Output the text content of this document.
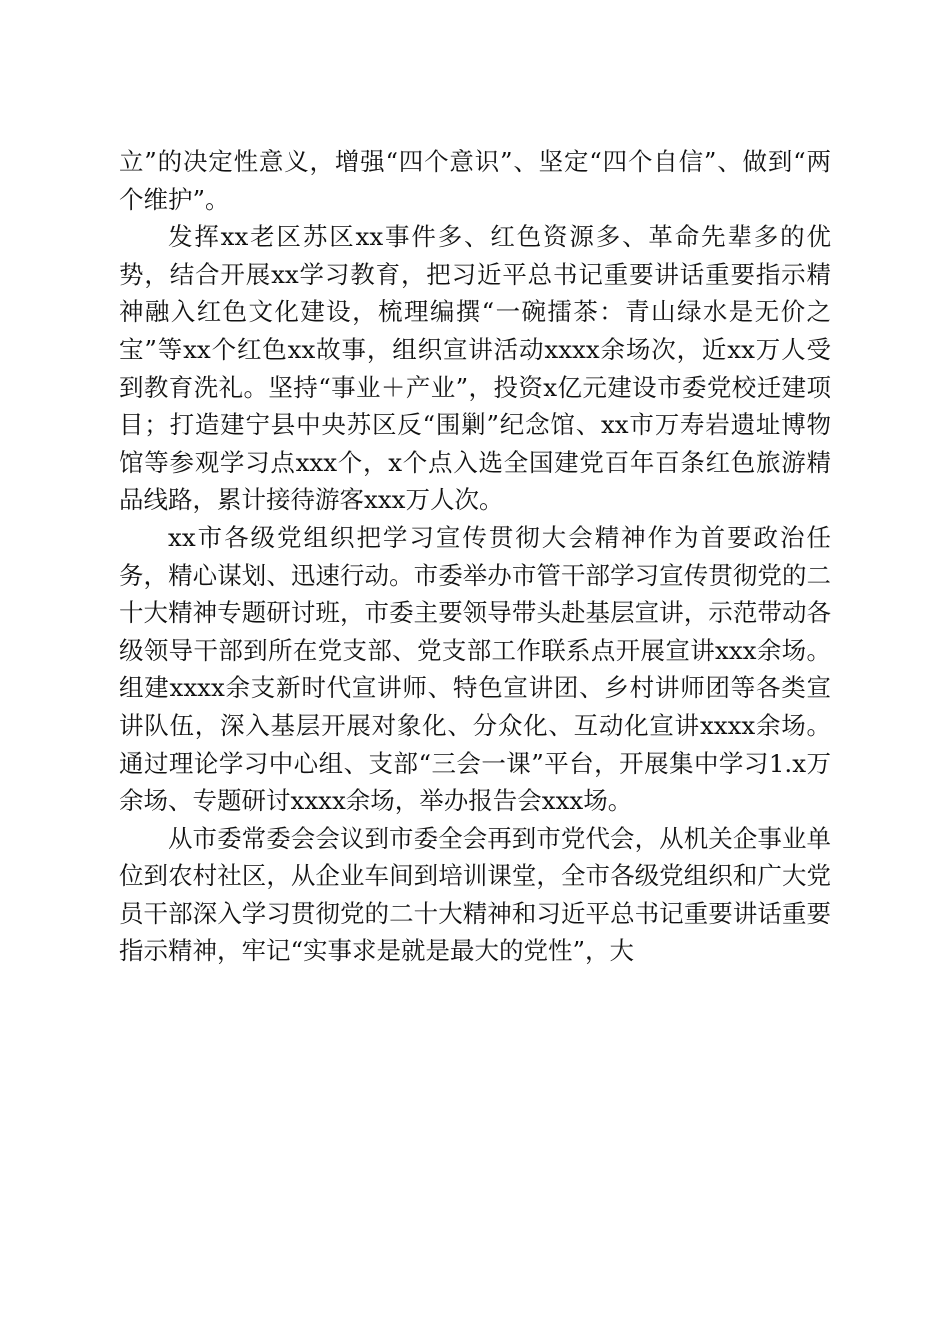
立”的决定性意义，增强“四个意识”、坚定“四个自信”、做到“两个维护”。

发挥xx老区苏区xx事件多、红色资源多、革命先辈多的优势，结合开展xx学习教育，把习近平总书记重要讲话重要指示精神融入红色文化建设，梳理编撰“一碗擂茶：青山绿水是无价之宝”等xx个红色xx故事，组织宣讲活动xxxx余场次，近xx万人受到教育洗礼。坚持“事业＋产业”，投资x亿元建设市委党校迁建项目；打造建宁县中央苏区反“围剿”纪念馆、xx市万寿岩遗址博物馆等参观学习点xxx个，x个点入选全国建党百年百条红色旅游精品线路，累计接待游客xxx万人次。

xx市各级党组织把学习宣传贯彻大会精神作为首要政治任务，精心谋划、迅速行动。市委举办市管干部学习宣传贯彻党的二十大精神专题研讨班，市委主要领导带头赴基层宣讲，示范带动各级领导干部到所在党支部、党支部工作联系点开展宣讲xxx余场。组建xxxx余支新时代宣讲师、特色宣讲团、乡村讲师团等各类宣讲队伍，深入基层开展对象化、分众化、互动化宣讲xxxx余场。通过理论学习中心组、支部“三会一课”平台，开展集中学习1.x万余场、专题研讨xxxx余场，举办报告会xxx场。

从市委常委会会议到市委全会再到市党代会，从机关企事业单位到农村社区，从企业车间到培训课堂，全市各级党组织和广大党员干部深入学习贯彻党的二十大精神和习近平总书记重要讲话重要指示精神，牢记“实事求是就是最大的党性”，大
